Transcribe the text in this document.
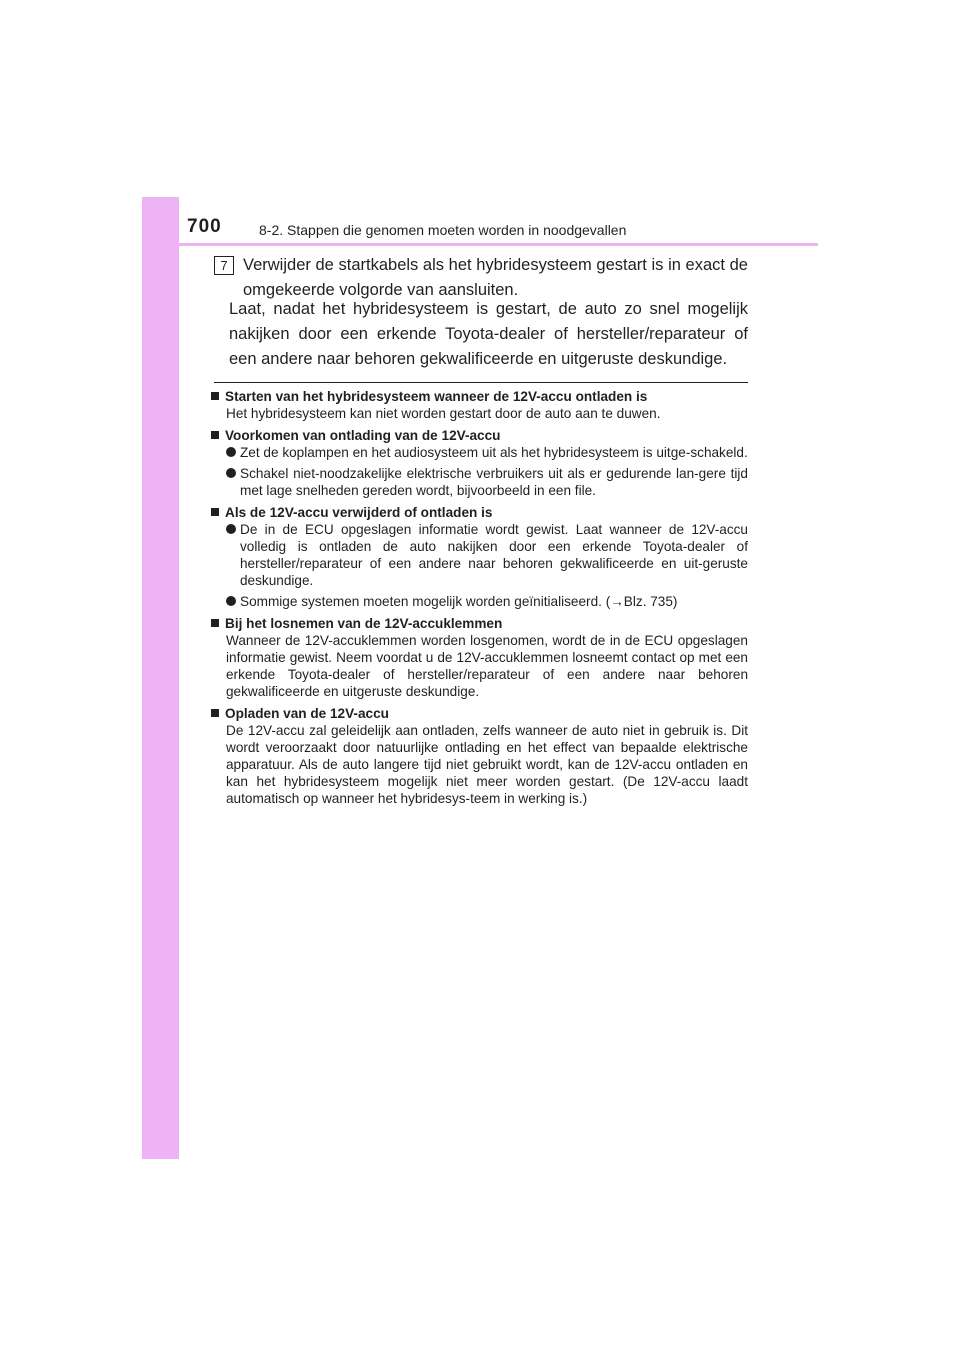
700	8-2. Stappen die genomen moeten worden in noodgevallen
7 Verwijder de startkabels als het hybridesysteem gestart is in exact de omgekeerde volgorde van aansluiten.
Laat, nadat het hybridesysteem is gestart, de auto zo snel mogelijk nakijken door een erkende Toyota-dealer of hersteller/reparateur of een andere naar behoren gekwalificeerde en uitgeruste deskundige.
Starten van het hybridesysteem wanneer de 12V-accu ontladen is
Het hybridesysteem kan niet worden gestart door de auto aan te duwen.
Voorkomen van ontlading van de 12V-accu
Zet de koplampen en het audiosysteem uit als het hybridesysteem is uitge-schakeld.
Schakel niet-noodzakelijke elektrische verbruikers uit als er gedurende lan-gere tijd met lage snelheden gereden wordt, bijvoorbeeld in een file.
Als de 12V-accu verwijderd of ontladen is
De in de ECU opgeslagen informatie wordt gewist. Laat wanneer de 12V-accu volledig is ontladen de auto nakijken door een erkende Toyota-dealer of hersteller/reparateur of een andere naar behoren gekwalificeerde en uit-geruste deskundige.
Sommige systemen moeten mogelijk worden geïnitialiseerd. (→Blz. 735)
Bij het losnemen van de 12V-accuklemmen
Wanneer de 12V-accuklemmen worden losgenomen, wordt de in de ECU opgeslagen informatie gewist. Neem voordat u de 12V-accuklemmen losneemt contact op met een erkende Toyota-dealer of hersteller/reparateur of een andere naar behoren gekwalificeerde en uitgeruste deskundige.
Opladen van de 12V-accu
De 12V-accu zal geleidelijk aan ontladen, zelfs wanneer de auto niet in gebruik is. Dit wordt veroorzaakt door natuurlijke ontlading en het effect van bepaalde elektrische apparatuur. Als de auto langere tijd niet gebruikt wordt, kan de 12V-accu ontladen en kan het hybridesysteem mogelijk niet meer worden gestart. (De 12V-accu laadt automatisch op wanneer het hybridesys-teem in werking is.)
